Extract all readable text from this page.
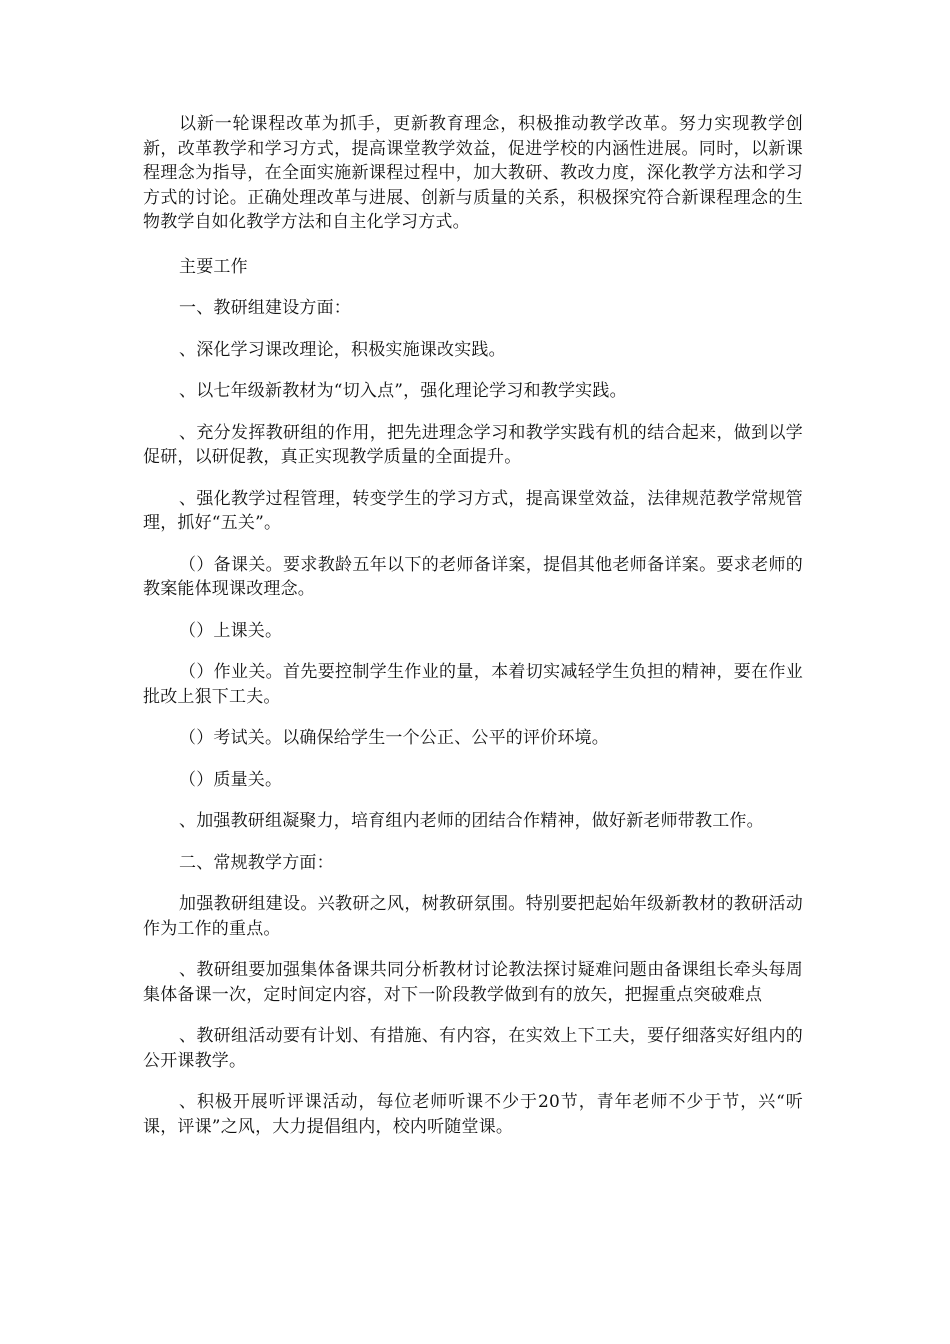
以新一轮课程改革为抓手，更新教育理念，积极推动教学改革。努力实现教学创新，改革教学和学习方式，提高课堂教学效益，促进学校的内涵性进展。同时，以新课程理念为指导，在全面实施新课程过程中，加大教研、教改力度，深化教学方法和学习方式的讨论。正确处理改革与进展、创新与质量的关系，积极探究符合新课程理念的生物教学自如化教学方法和自主化学习方式。

主要工作

一、教研组建设方面：

、深化学习课改理论，积极实施课改实践。

、以七年级新教材为“切入点”，强化理论学习和教学实践。

、充分发挥教研组的作用，把先进理念学习和教学实践有机的结合起来，做到以学促研，以研促教，真正实现教学质量的全面提升。

、强化教学过程管理，转变学生的学习方式，提高课堂效益，法律规范教学常规管理，抓好“五关”。

（）备课关。要求教龄五年以下的老师备详案，提倡其他老师备详案。要求老师的教案能体现课改理念。

（）上课关。

（）作业关。首先要控制学生作业的量，本着切实减轻学生负担的精神，要在作业批改上狠下工夫。

（）考试关。以确保给学生一个公正、公平的评价环境。

（）质量关。

、加强教研组凝聚力，培育组内老师的团结合作精神，做好新老师带教工作。

二、常规教学方面：

加强教研组建设。兴教研之风，树教研氛围。特别要把起始年级新教材的教研活动作为工作的重点。

、教研组要加强集体备课共同分析教材讨论教法探讨疑难问题由备课组长牵头每周集体备课一次，定时间定内容，对下一阶段教学做到有的放矢，把握重点突破难点

、教研组活动要有计划、有措施、有内容，在实效上下工夫，要仔细落实好组内的公开课教学。

、积极开展听评课活动，每位老师听课不少于20节，青年老师不少于节，兴“听课，评课”之风，大力提倡组内，校内听随堂课。
